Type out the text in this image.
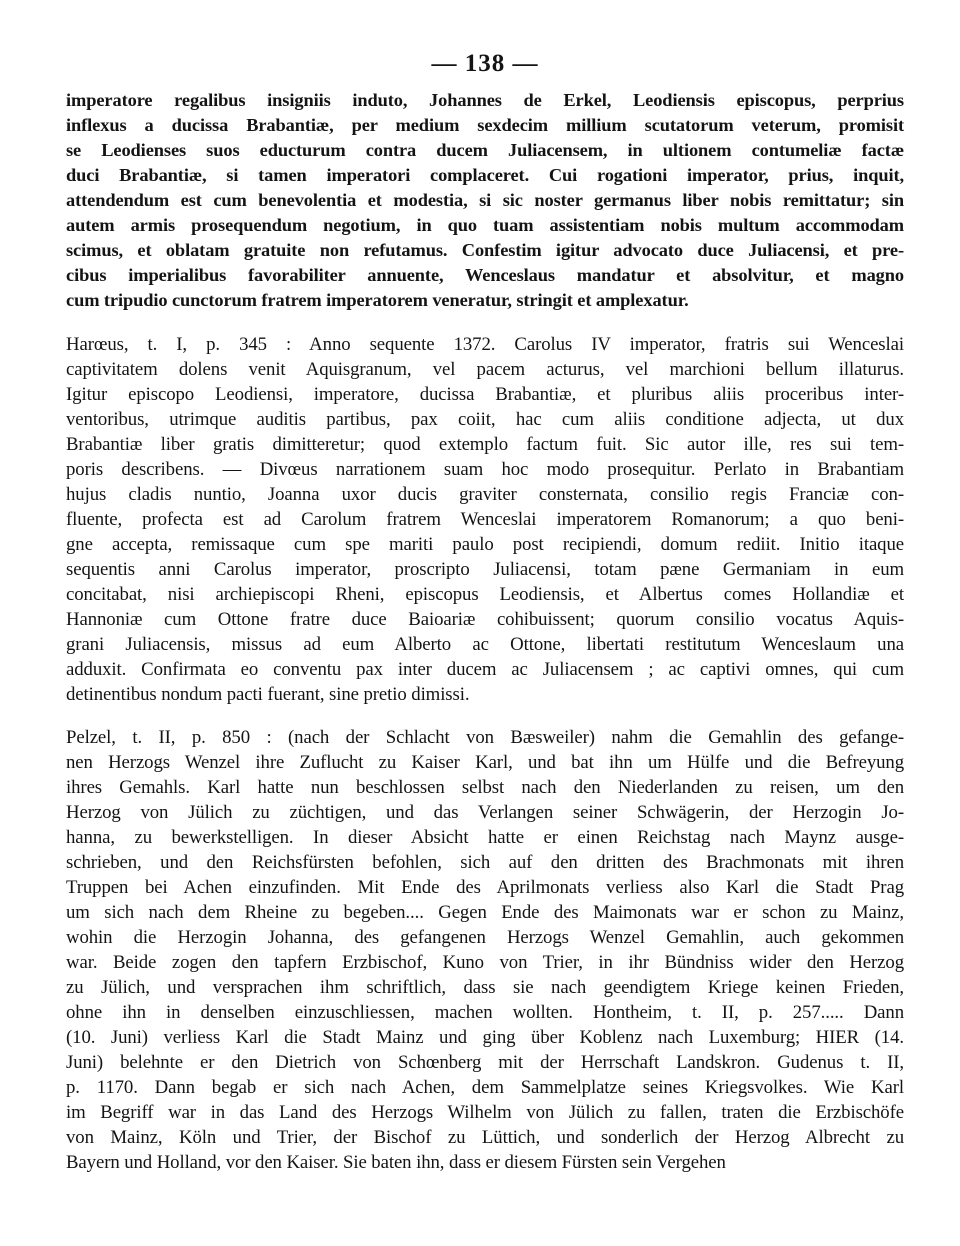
— 138 —
imperatore regalibus insigniis induto, Johannes de Erkel, Leodiensis episcopus, perprius
inflexus a ducissa Brabantiæ, per medium sexdecim millium scutatorum veterum, promisit
se Leodienses suos educturum contra ducem Juliacensem, in ultionem contumeliæ factæ
duci Brabantiæ, si tamen imperatori complaceret. Cui rogationi imperator, prius, inquit,
attendendum est cum benevolentia et modestia, si sic noster germanus liber nobis remittatur; sin
autem armis prosequendum negotium, in quo tuam assistentiam nobis multum accommodam
scimus, et oblatam gratuite non refutamus. Confestim igitur advocato duce Juliacensi, et pre-
cibus imperialibus favorabiliter annuente, Wenceslaus mandatur et absolvitur, et magno
cum tripudio cunctorum fratrem imperatorem veneratur, stringit et amplexatur.
Harœus, t. I, p. 345 : Anno sequente 1372. Carolus IV imperator, fratris sui Wenceslai
captivitatem dolens venit Aquisgranum, vel pacem acturus, vel marchioni bellum illaturus.
Igitur episcopo Leodiensi, imperatore, ducissa Brabantiæ, et pluribus aliis proceribus inter-
ventoribus, utrimque auditis partibus, pax coiit, hac cum aliis conditione adjecta, ut dux
Brabantiæ liber gratis dimitteretur; quod extemplo factum fuit. Sic autor ille, res sui tem-
poris describens. — Divœus narrationem suam hoc modo prosequitur. Perlato in Brabantiam
hujus cladis nuntio, Joanna uxor ducis graviter consternata, consilio regis Franciæ con-
fluente, profecta est ad Carolum fratrem Wenceslai imperatorem Romanorum; a quo beni-
gne accepta, remissaque cum spe mariti paulo post recipiendi, domum rediit. Initio itaque
sequentis anni Carolus imperator, proscripto Juliacensi, totam pæne Germaniam in eum
concitabat, nisi archiepiscopi Rheni, episcopus Leodiensis, et Albertus comes Hollandiæ et
Hannoniæ cum Ottone fratre duce Baioariæ cohibuissent; quorum consilio vocatus Aquis-
grani Juliacensis, missus ad eum Alberto ac Ottone, libertati restitutum Wenceslaum una
adduxit. Confirmata eo conventu pax inter ducem ac Juliacensem ; ac captivi omnes, qui cum
detinentibus nondum pacti fuerant, sine pretio dimissi.
Pelzel, t. II, p. 850 : (nach der Schlacht von Bæsweiler) nahm die Gemahlin des gefange-
nen Herzogs Wenzel ihre Zuflucht zu Kaiser Karl, und bat ihn um Hülfe und die Befreyung
ihres Gemahls. Karl hatte nun beschlossen selbst nach den Niederlanden zu reisen, um den
Herzog von Jülich zu züchtigen, und das Verlangen seiner Schwägerin, der Herzogin Jo-
hanna, zu bewerkstelligen. In dieser Absicht hatte er einen Reichstag nach Maynz ausge-
schrieben, und den Reichsfürsten befohlen, sich auf den dritten des Brachmonats mit ihren
Truppen bei Achen einzufinden. Mit Ende des Aprilmonats verliess also Karl die Stadt Prag
um sich nach dem Rheine zu begeben.... Gegen Ende des Maimonats war er schon zu Mainz,
wohin die Herzogin Johanna, des gefangenen Herzogs Wenzel Gemahlin, auch gekommen
war. Beide zogen den tapfern Erzbischof, Kuno von Trier, in ihr Bündniss wider den Herzog
zu Jülich, und versprachen ihm schriftlich, dass sie nach geendigtem Kriege keinen Frieden,
ohne ihn in denselben einzuschliessen, machen wollten. Hontheim, t. II, p. 257..... Dann
(10. Juni) verliess Karl die Stadt Mainz und ging über Koblenz nach Luxemburg; HIER (14.
Juni) belehnte er den Dietrich von Schœnberg mit der Herrschaft Landskron. Gudenus t. II,
p. 1170. Dann begab er sich nach Achen, dem Sammelplatze seines Kriegsvolkes. Wie Karl
im Begriff war in das Land des Herzogs Wilhelm von Jülich zu fallen, traten die Erzbischöfe
von Mainz, Köln und Trier, der Bischof zu Lüttich, und sonderlich der Herzog Albrecht zu
Bayern und Holland, vor den Kaiser. Sie baten ihn, dass er diesem Fürsten sein Vergehen
